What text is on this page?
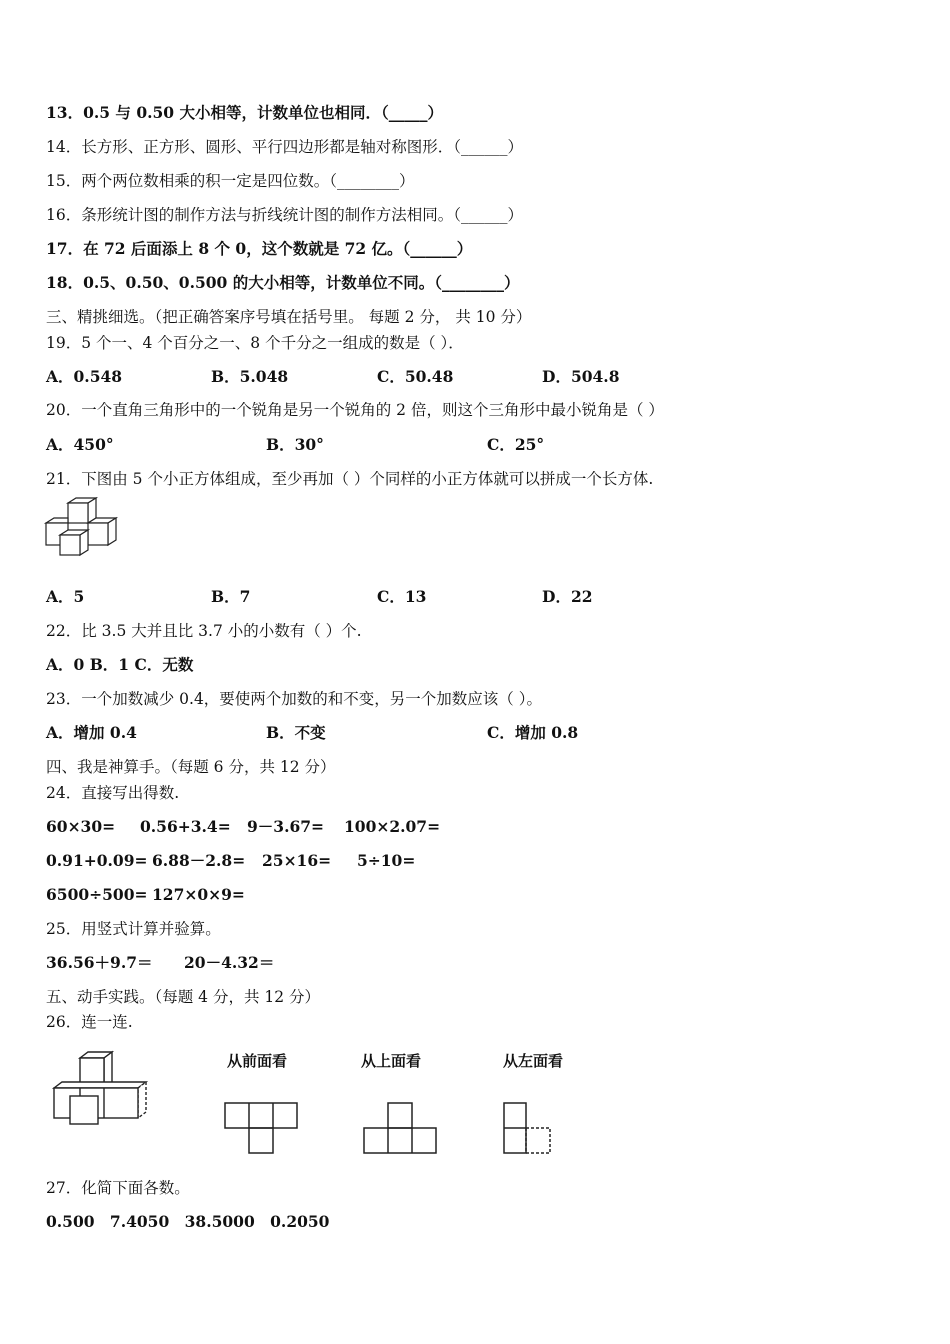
13．0.5 与 0.50 大小相等，计数单位也相同．（_____）
14．长方形、正方形、圆形、平行四边形都是轴对称图形．（______）
15．两个两位数相乘的积一定是四位数。（________）
16．条形统计图的制作方法与折线统计图的制作方法相同。（______）
17．在 72 后面添上 8 个 0，这个数就是 72 亿。（______）
18．0.5、0.50、0.500 的大小相等，计数单位不同。（________）
三、精挑细选。（把正确答案序号填在括号里。 每题 2 分， 共 10 分）
19．5 个一、4 个百分之一、8 个千分之一组成的数是（ ）．
A．0.548	B．5.048	C．50.48	D．504.8
20．一个直角三角形中的一个锐角是另一个锐角的 2 倍，则这个三角形中最小锐角是（ ）
A．450°	B．30°	C．25°
21．下图由 5 个小正方体组成，至少再加（ ）个同样的小正方体就可以拼成一个长方体.
A．5	B．7	C．13	D．22
22．比 3.5 大并且比 3.7 小的小数有（ ）个.
A．0 B．1 C．无数
23．一个加数减少 0.4，要使两个加数的和不变，另一个加数应该（ ）。
A．增加 0.4	B．不变	C．增加 0.8
四、我是神算手。（每题 6 分，共 12 分）
24．直接写出得数.
60×30= 0.56+3.4= 9－3.67= 100×2.07=
0.91+0.09= 6.88－2.8= 25×16= 5÷10=
6500÷500= 127×0×9=
25．用竖式计算并验算。
36.56＋9.7＝ 20－4.32＝
五、动手实践。（每题 4 分，共 12 分）
26．连一连.
从前面看	从上面看	从左面看
27．化简下面各数。
0.500 7.4050 38.5000 0.2050
